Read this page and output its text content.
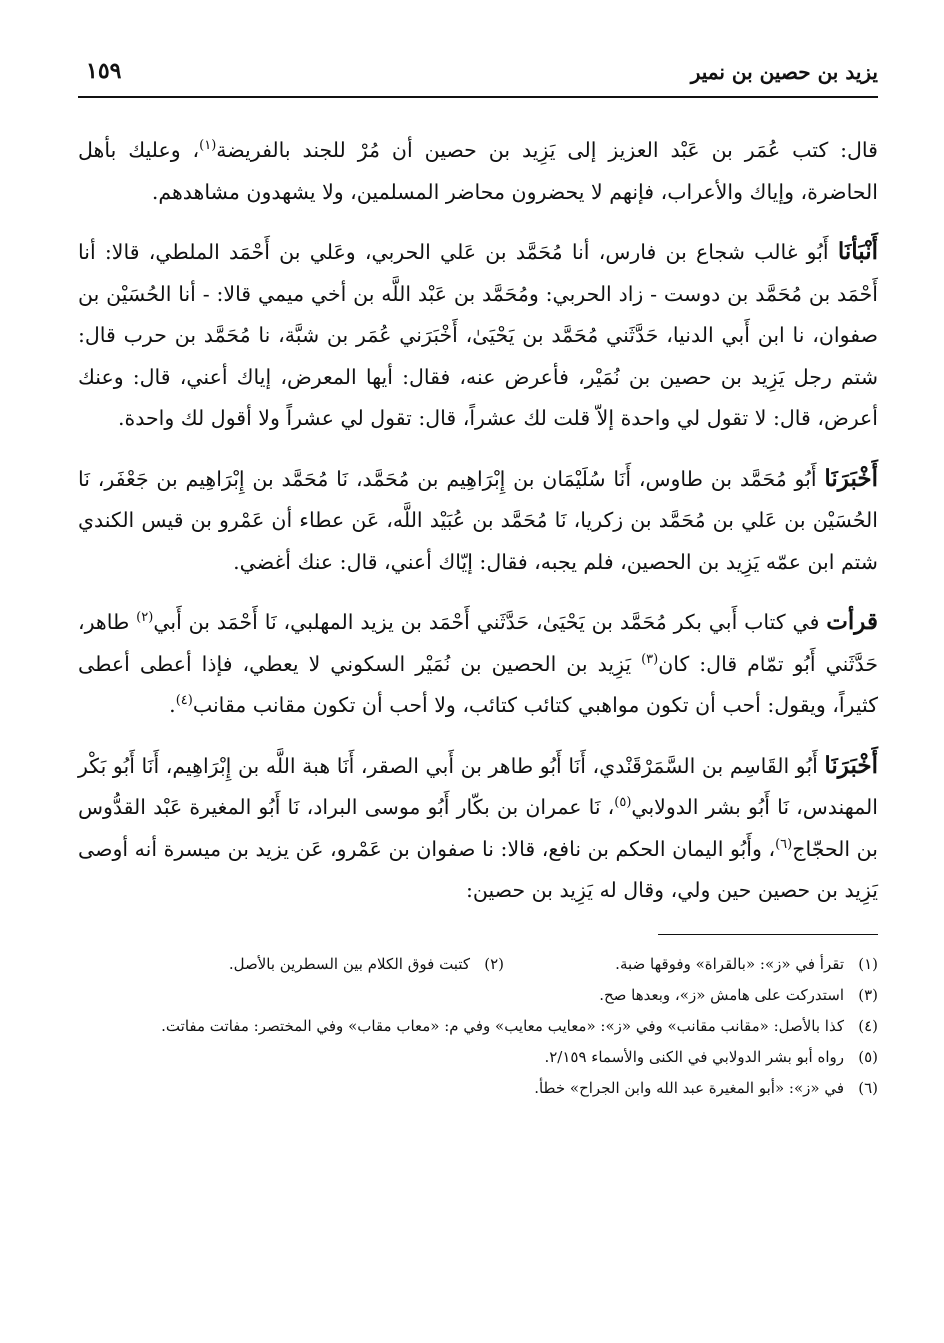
١٥٩	يزيد بن حصين بن نمير

قال: كتب عُمَر بن عَبْد العزيز إلى يَزِيد بن حصين أن مُرْ للجند بالفريضة$^{(١)}$، وعليك بأهل الحاضرة، وإياك والأعراب، فإنهم لا يحضرون محاضر المسلمين، ولا يشهدون مشاهدهم.

أَنْبَأنَا أَبُو غالب شجاع بن فارس، أنا مُحَمَّد بن عَلي الحربي، وعَلي بن أَحْمَد الملطي، قالا: أنا أَحْمَد بن مُحَمَّد بن دوست - زاد الحربي: ومُحَمَّد بن عَبْد اللَّه بن أخي ميمي قالا: - أنا الحُسَيْن بن صفوان، نا ابن أَبي الدنيا، حَدَّثَني مُحَمَّد بن يَحْيَىٰ، أَخْبَرَني عُمَر بن شبَّة، نا مُحَمَّد بن حرب قال: شتم رجل يَزِيد بن حصين بن نُمَيْر، فأعرض عنه، فقال: أيها المعرض، إياك أعني، قال: وعنك أعرض، قال: لا تقول لي واحدة إلاّ قلت لك عشراً، قال: تقول لي عشراً ولا أقول لك واحدة.

أَخْبَرَنَا أَبُو مُحَمَّد بن طاوس، أَنَا سُلَيْمَان بن إِبْرَاهِيم بن مُحَمَّد، نَا مُحَمَّد بن إِبْرَاهِيم بن جَعْفَر، نَا الحُسَيْن بن عَلي بن مُحَمَّد بن زكريا، نَا مُحَمَّد بن عُبَيْد اللَّه، عَن عطاء أن عَمْرو بن قيس الكندي شتم ابن عمّه يَزِيد بن الحصين، فلم يجبه، فقال: إيّاك أعني، قال: عنك أغضي.

قرأت في كتاب أَبي بكر مُحَمَّد بن يَحْيَىٰ، حَدَّثَني أَحْمَد بن يزيد المهلبي، نَا أَحْمَد بن أَبي$^{(٢)}$ طاهر، حَدَّثَني أَبُو تمّام قال: كان$^{(٣)}$ يَزِيد بن الحصين بن نُمَيْر السكوني لا يعطي، فإذا أعطى أعطى كثيراً، ويقول: أحب أن تكون مواهبي كتائب كتائب، ولا أحب أن تكون مقانب مقانب$^{(٤)}$.

أَخْبَرَنَا أَبُو القَاسِم بن السَّمَرْقَنْدي، أَنَا أَبُو طاهر بن أَبي الصقر، أَنَا هبة اللَّه بن إِبْرَاهِيم، أَنَا أَبُو بَكْر المهندس، نَا أَبُو بشر الدولابي$^{(٥)}$، نَا عمران بن بكّار أَبُو موسى البراد، نَا أَبُو المغيرة عَبْد القدُّوس بن الحجّاج$^{(٦)}$، وأَبُو اليمان الحكم بن نافع، قالا: نا صفوان بن عَمْرو، عَن يزيد بن ميسرة أنه أوصى يَزِيد بن حصين حين ولي، وقال له يَزِيد بن حصين:

(١)
تقرأ في «ز»: «بالقراة» وفوقها ضبة.
(٢)
كتبت فوق الكلام بين السطرين بالأصل.
(٣)
استدركت على هامش «ز»، وبعدها صح.
(٤)
كذا بالأصل: «مقانب مقانب» وفي «ز»: «معايب معايب» وفي م: «معاب مقاب» وفي المختصر: مفاتت مفاتت.
(٥)
رواه أبو بشر الدولابي في الكنى والأسماء ٢/١٥٩.
(٦)
في «ز»: «أبو المغيرة عبد الله وابن الجراح» خطأ.
